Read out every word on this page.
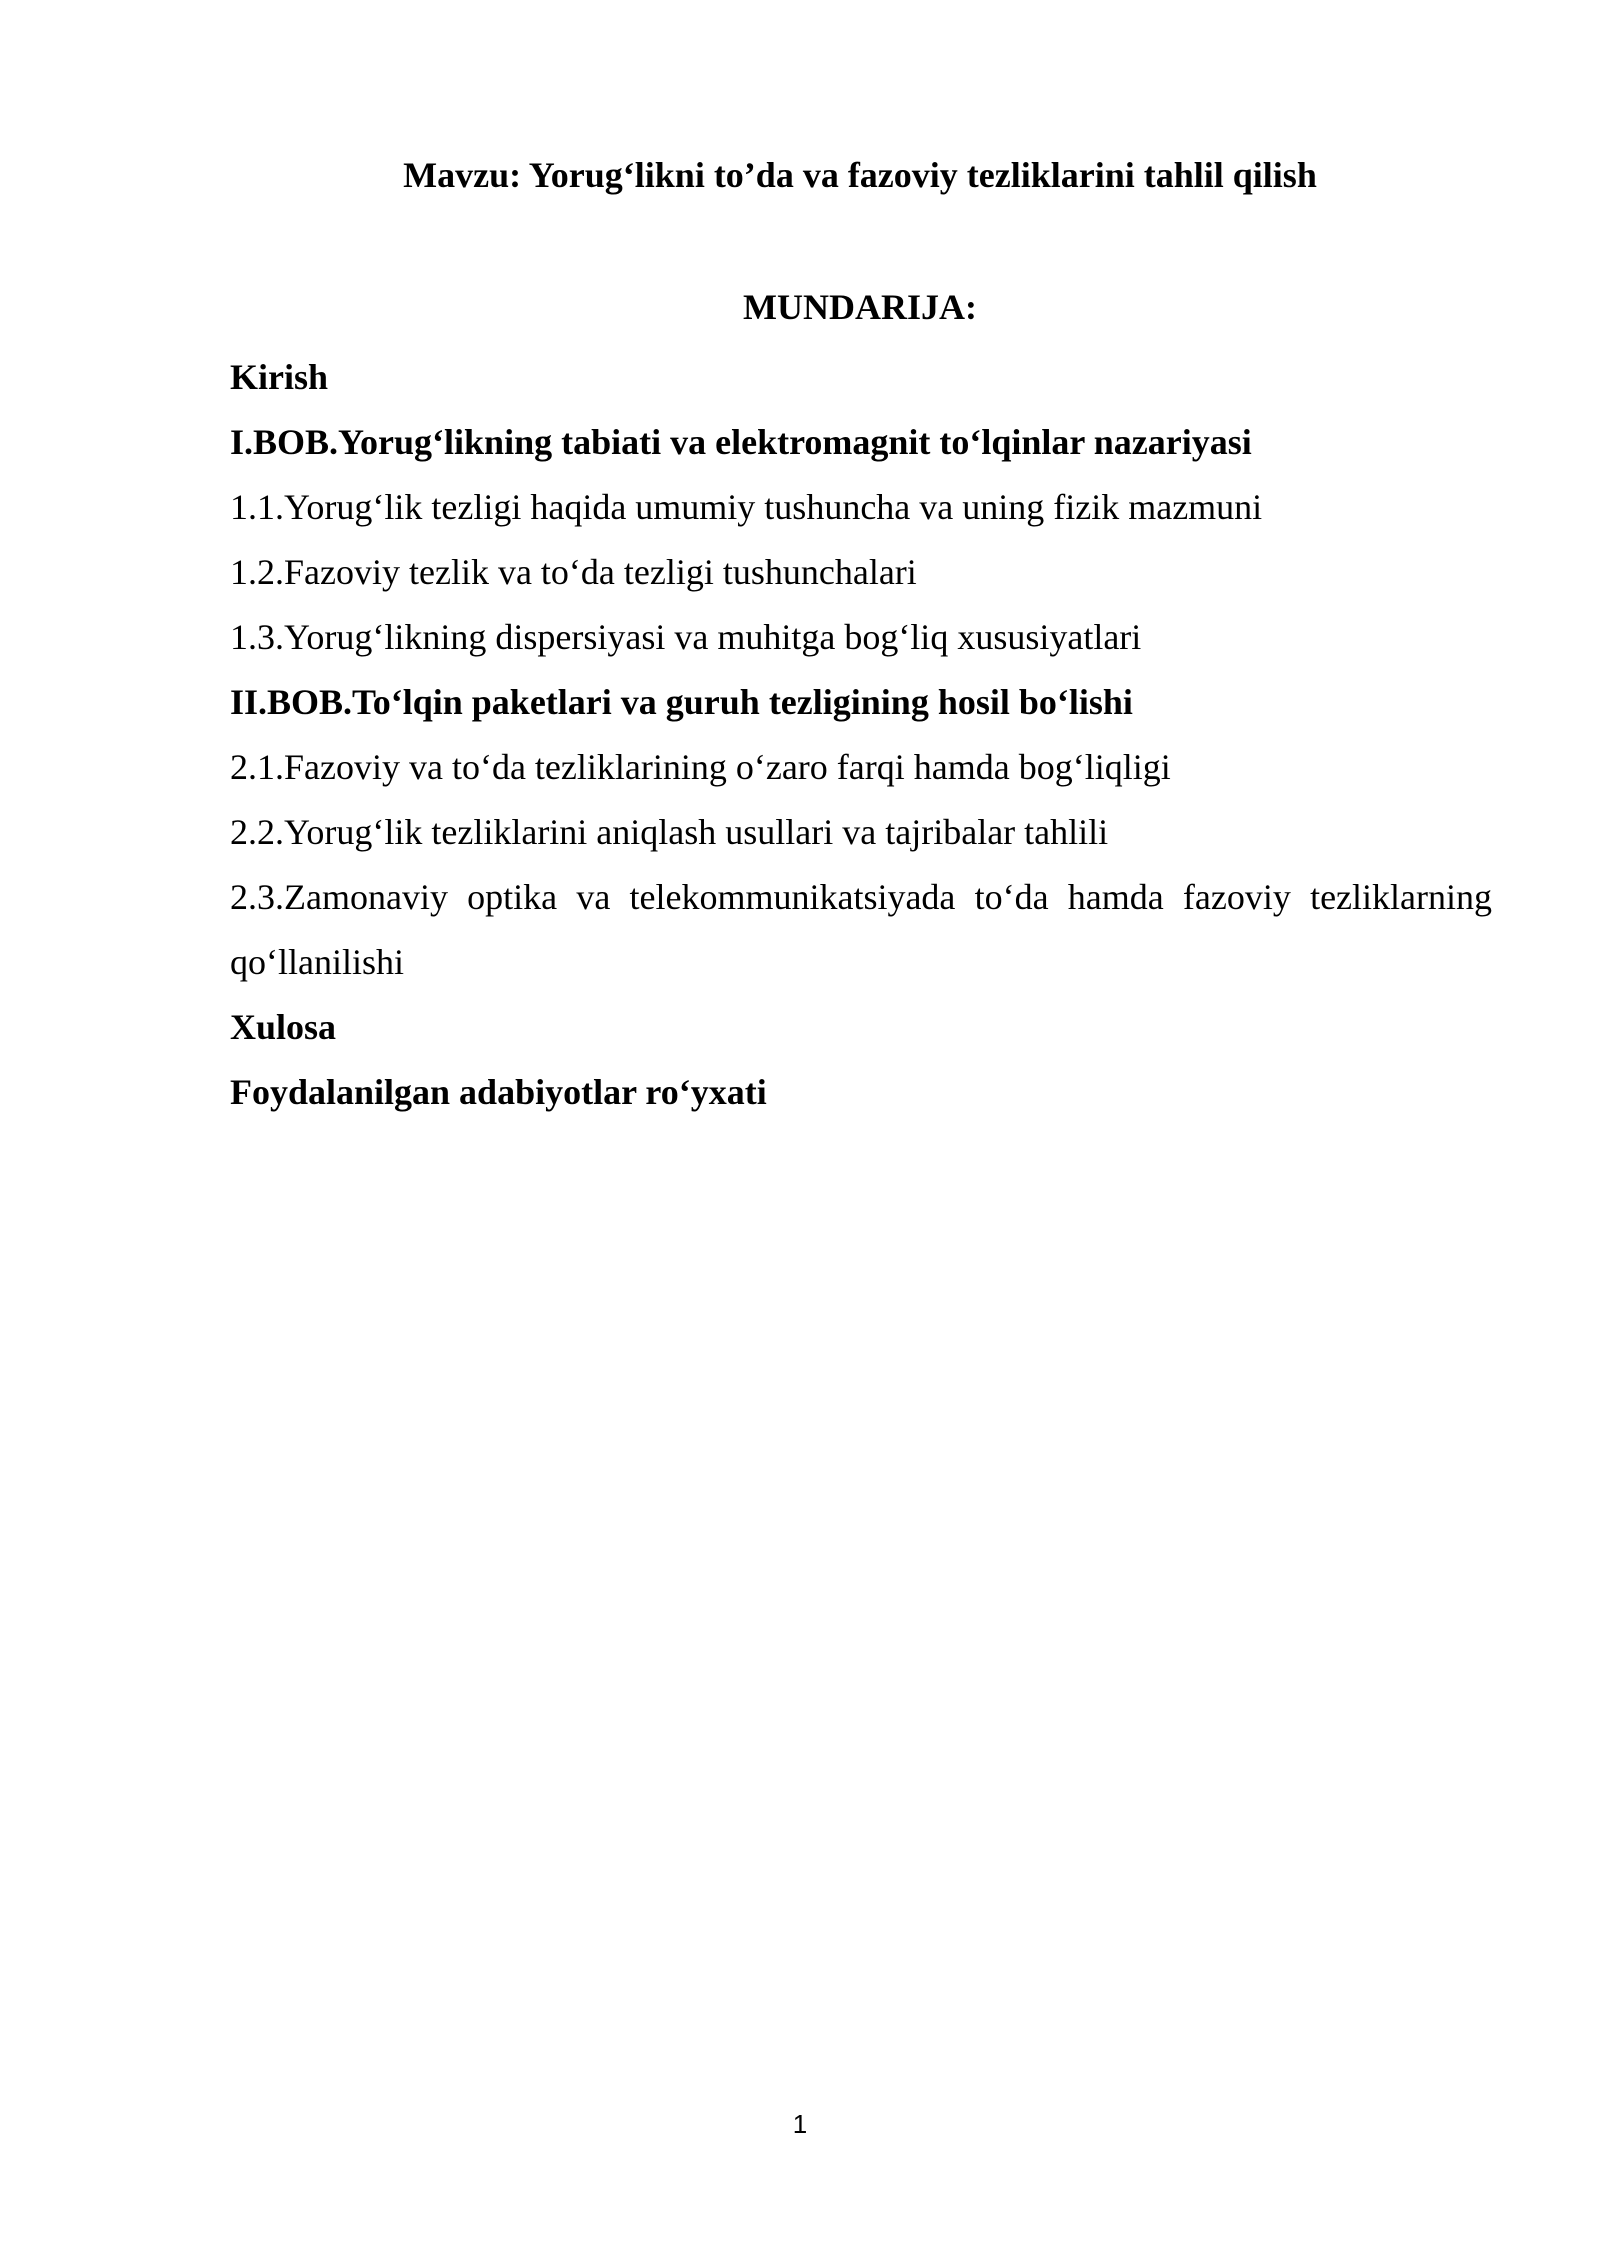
Mavzu: Yorug‘likni to’da va fazoviy tezliklarini tahlil qilish
MUNDARIJA:
Kirish
I.BOB.Yorug‘likning tabiati va elektromagnit to‘lqinlar nazariyasi
1.1.Yorug‘lik tezligi haqida umumiy tushuncha va uning fizik mazmuni
1.2.Fazoviy tezlik va to‘da tezligi tushunchalari
1.3.Yorug‘likning dispersiyasi va muhitga bog‘liq xususiyatlari
II.BOB.To‘lqin paketlari va guruh tezligining hosil bo‘lishi
2.1.Fazoviy va to‘da tezliklarining o‘zaro farqi hamda bog‘liqligi
2.2.Yorug‘lik tezliklarini aniqlash usullari va tajribalar tahlili
2.3.Zamonaviy optika va telekommunikatsiyada to‘da hamda fazoviy tezliklarning qo‘llanilishi
Xulosa
Foydalanilgan adabiyotlar ro‘yxati
1
